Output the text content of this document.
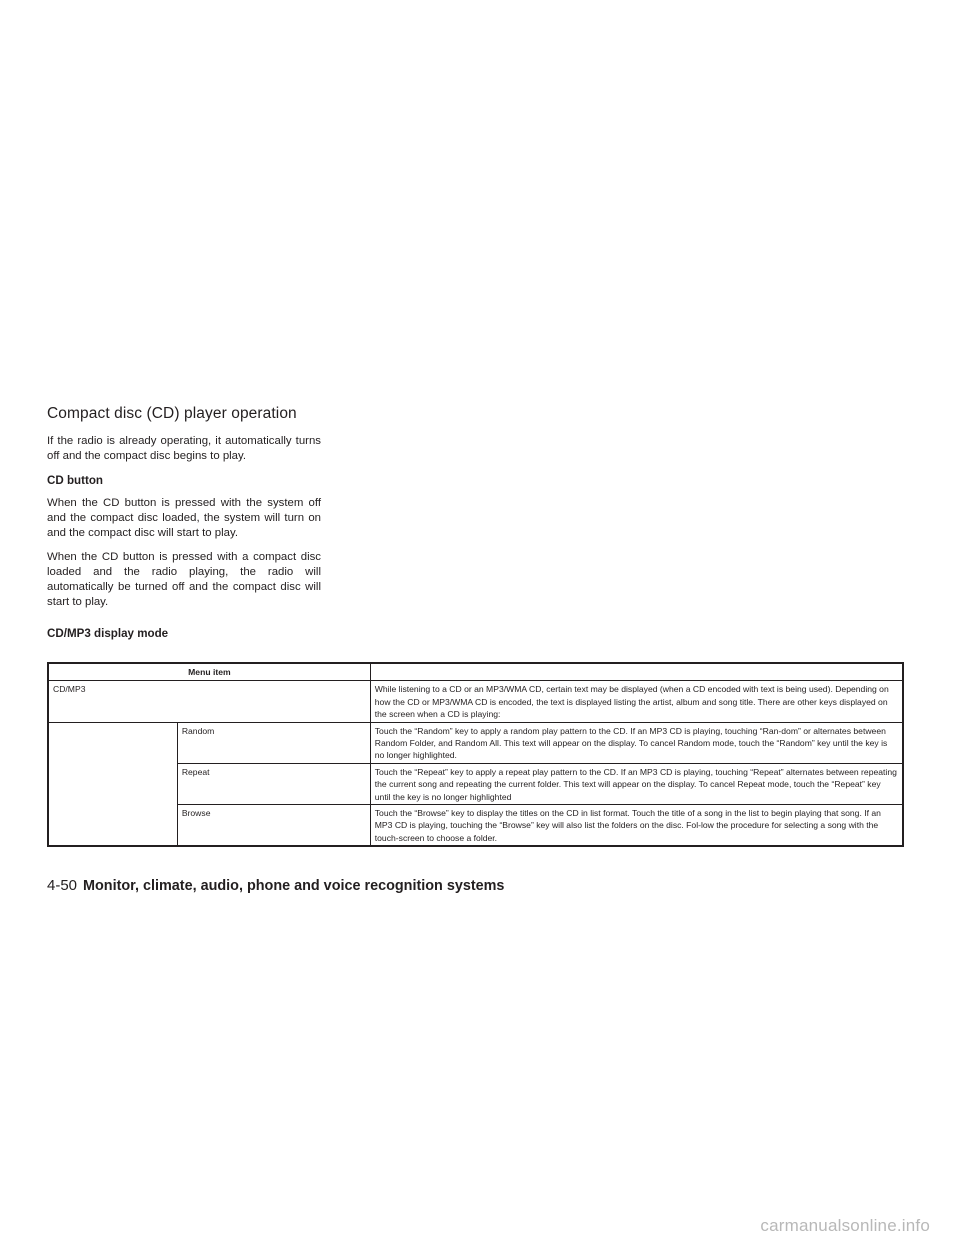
Compact disc (CD) player operation

If the radio is already operating, it automatically turns off and the compact disc begins to play.

CD button

When the CD button is pressed with the system off and the compact disc loaded, the system will turn on and the compact disc will start to play.

When the CD button is pressed with a compact disc loaded and the radio playing, the radio will automatically be turned off and the compact disc will start to play.

CD/MP3 display mode

Menu item		
CD/MP3		While listening to a CD or an MP3/WMA CD, certain text may be displayed (when a CD encoded with text is being used). Depending on how the CD or MP3/WMA CD is encoded, the text is displayed listing the artist, album and song title. There are other keys displayed on the screen when a CD is playing:
	Random	Touch the “Random” key to apply a random play pattern to the CD. If an MP3 CD is playing, touching “Ran-dom” or alternates between Random Folder, and Random All. This text will appear on the display. To cancel Random mode, touch the “Random” key until the key is no longer highlighted.
	Repeat	Touch the “Repeat” key to apply a repeat play pattern to the CD. If an MP3 CD is playing, touching “Repeat” alternates between repeating the current song and repeating the current folder. This text will appear on the display. To cancel Repeat mode, touch the “Repeat” key until the key is no longer highlighted
	Browse	Touch the “Browse” key to display the titles on the CD in list format. Touch the title of a song in the list to begin playing that song. If an MP3 CD is playing, touching the “Browse” key will also list the folders on the disc. Fol-low the procedure for selecting a song with the touch-screen to choose a folder.
4-50 Monitor, climate, audio, phone and voice recognition systems
carmanualsonline.info
